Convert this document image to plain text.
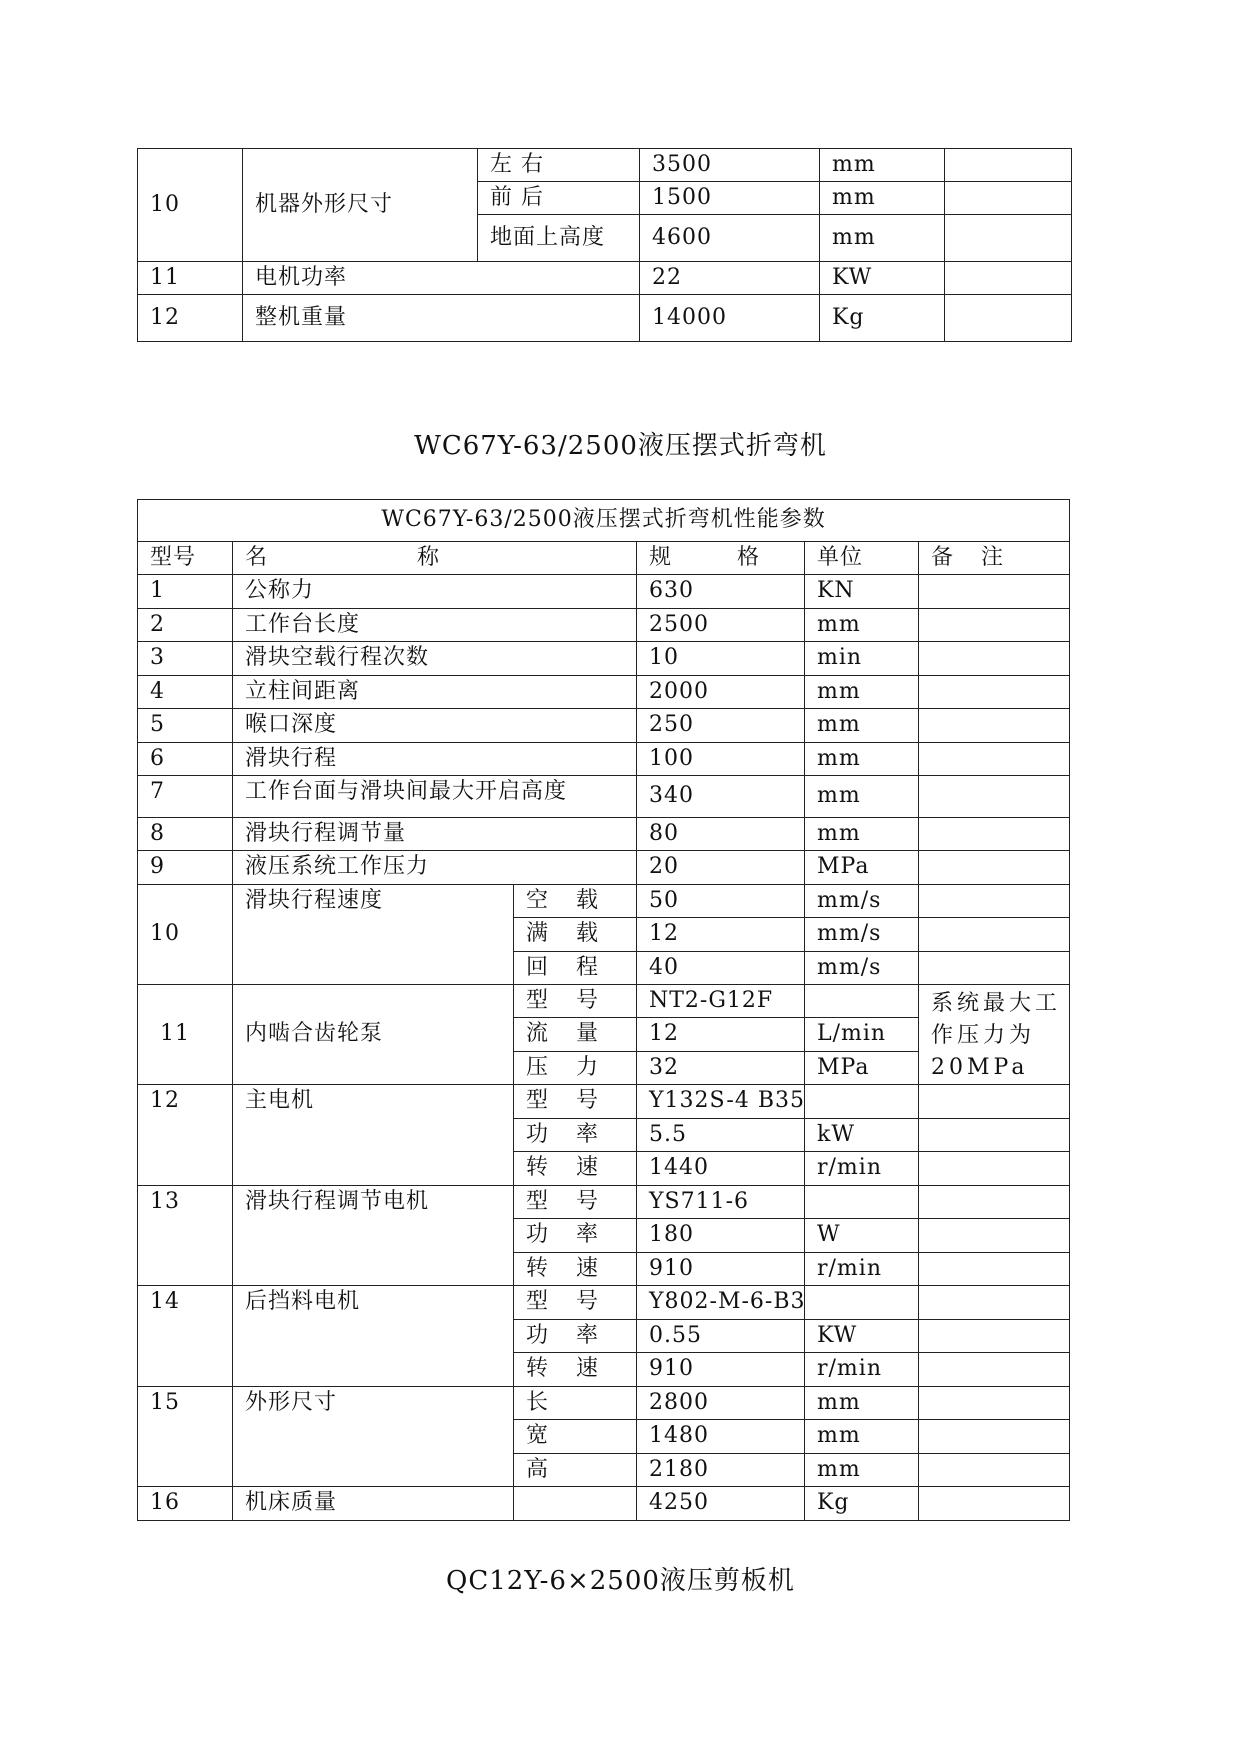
10	机器外形尺寸	左 右	3500	mm	
		前 后	1500	mm	
		地面上高度	4600	mm	
11	电机功率		22	KW	
12	整机重量		14000	Kg	
WC67Y-63/2500液压摆式折弯机
WC67Y-63/2500液压摆式折弯机性能参数					
型号	名称		规格	单位	备注
1	公称力		630	KN	
2	工作台长度		2500	mm	
3	滑块空载行程次数		10	min	
4	立柱间距离		2000	mm	
5	喉口深度		250	mm	
6	滑块行程		100	mm	
7	工作台面与滑块间最大开启高度		340	mm	
8	滑块行程调节量		80	mm	
9	液压系统工作压力		20	MPa	
10	滑块行程速度	空载	50	mm/s	
		满载	12	mm/s	
		回程	40	mm/s	
11	内啮合齿轮泵	型号	NT2-G12F		系统最大工作压力为20MPa
		流量	12	L/min	
		压力	32	MPa	
12	主电机	型号	Y132S-4 B35		
		功率	5.5	kW	
		转速	1440	r/min	
13	滑块行程调节电机	型号	YS711-6		
		功率	180	W	
		转速	910	r/min	
14	后挡料电机	型号	Y802-M-6-B3		
		功率	0.55	KW	
		转速	910	r/min	
15	外形尺寸	长	2800	mm	
		宽	1480	mm	
		高	2180	mm	
16	机床质量		4250	Kg	
QC12Y-6×2500液压剪板机
